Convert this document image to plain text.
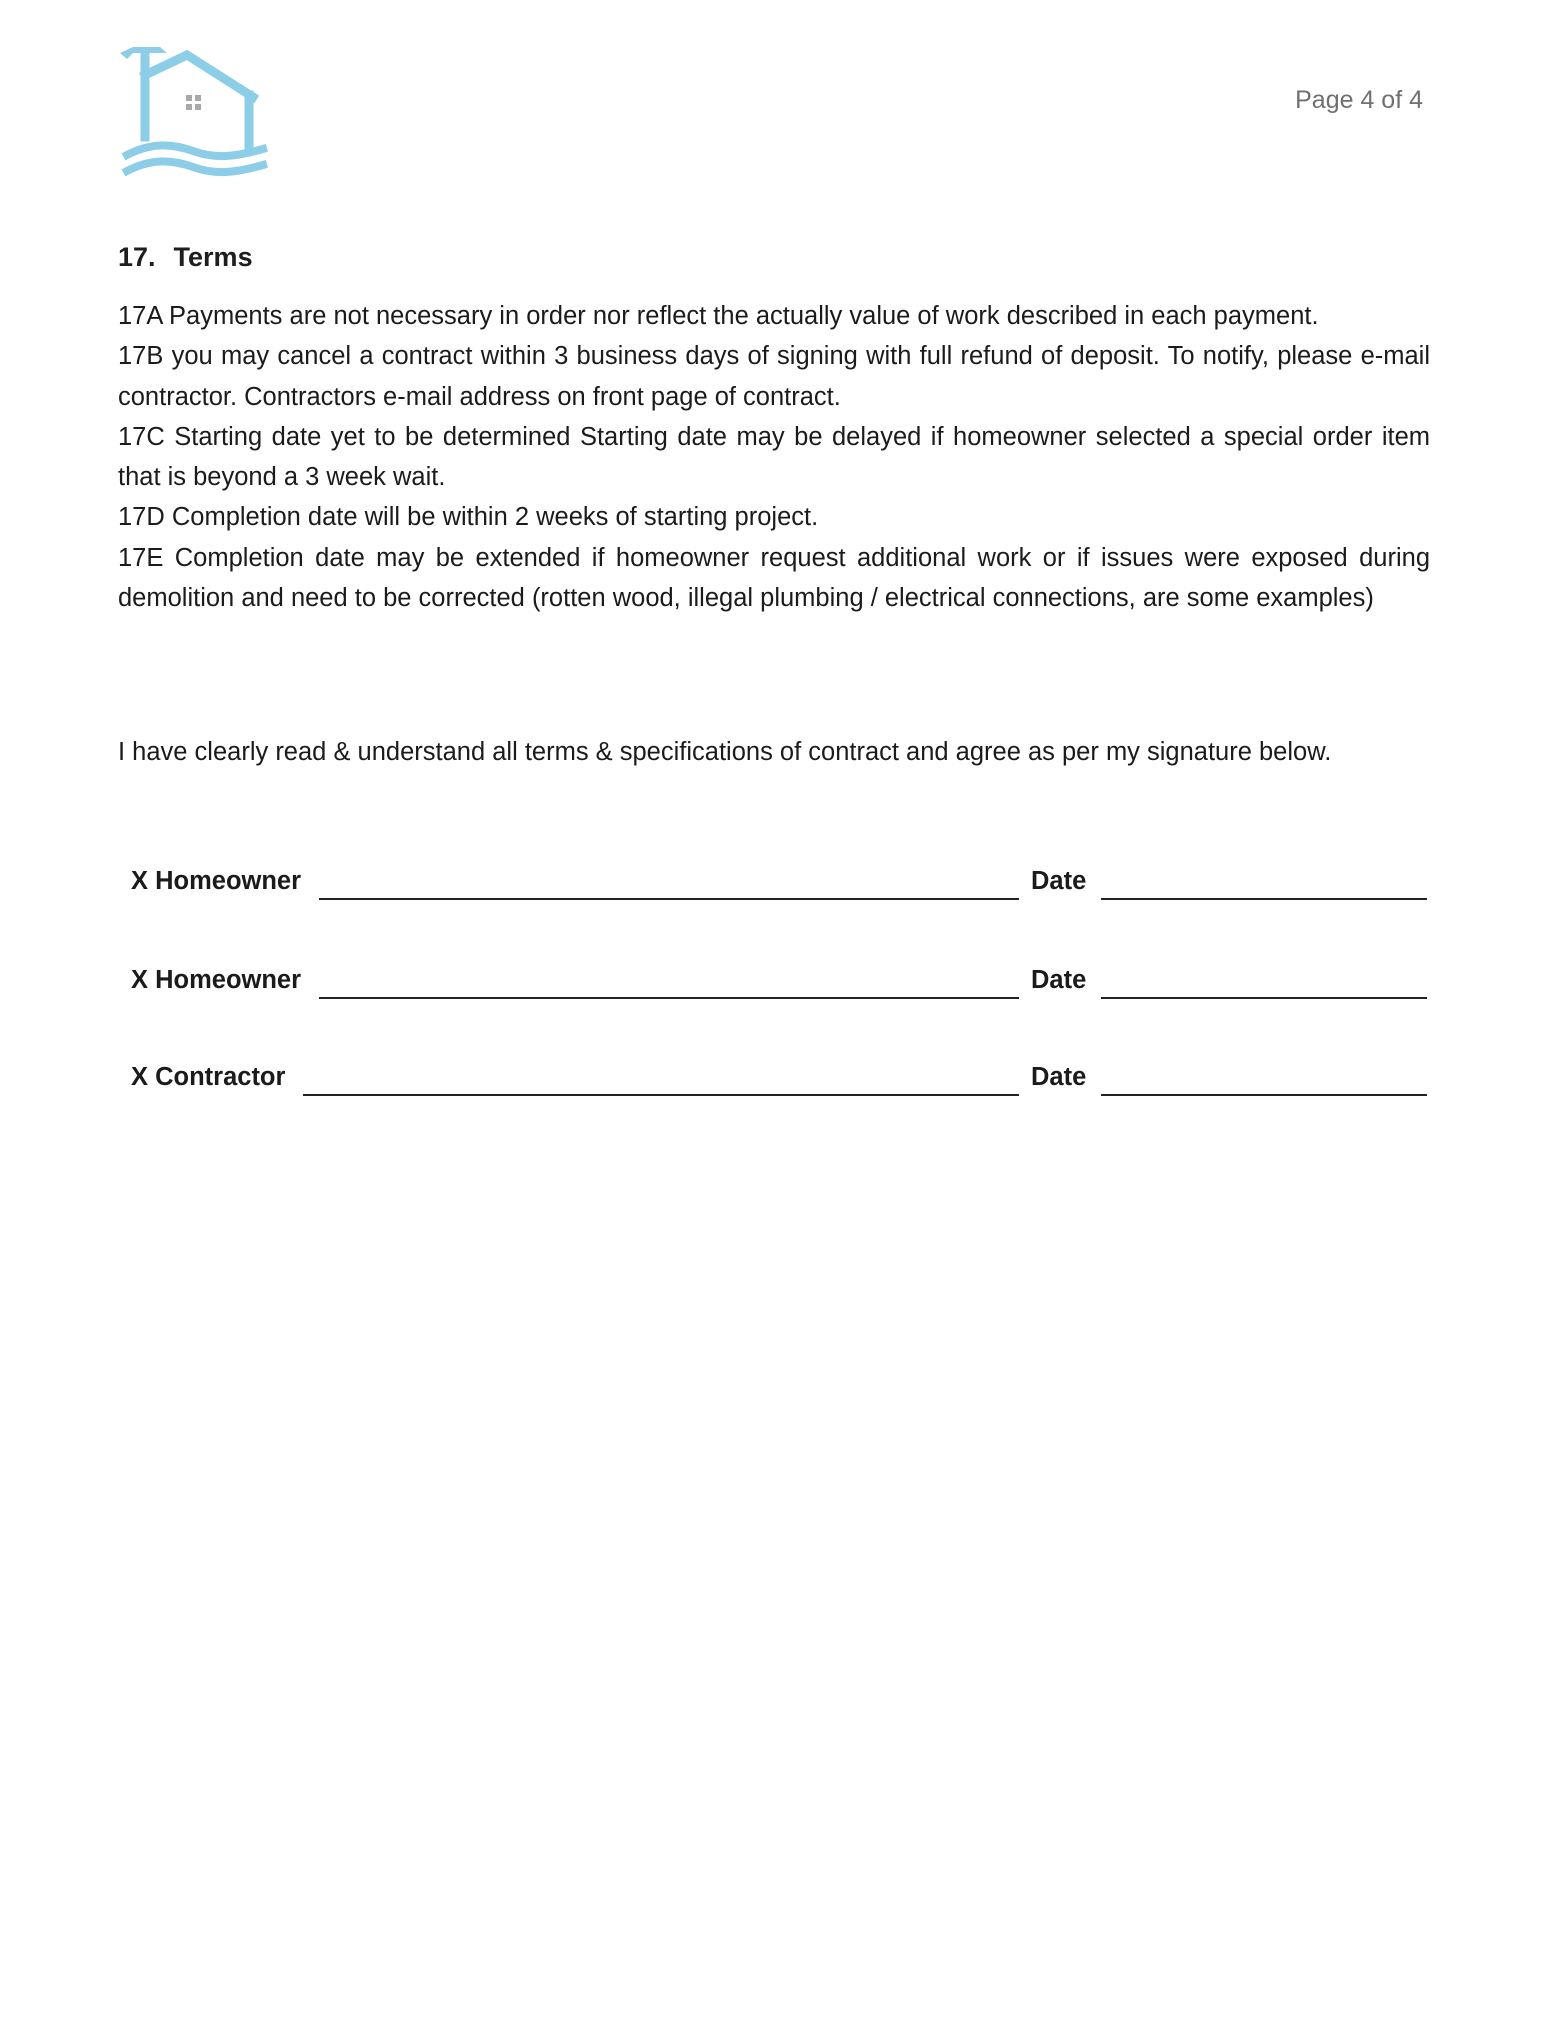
Page 4 of 4
17. Terms

17A Payments are not necessary in order nor reflect the actually value of work described in each payment.

17B you may cancel a contract within 3 business days of signing with full refund of deposit. To notify, please e-mail contractor. Contractors e-mail address on front page of contract.

17C Starting date yet to be determined Starting date may be delayed if homeowner selected a special order item that is beyond a 3 week wait.

17D Completion date will be within 2 weeks of starting project.

17E Completion date may be extended if homeowner request additional work or if issues were exposed during demolition and need to be corrected (rotten wood, illegal plumbing / electrical connections, are some examples)

I have clearly read & understand all terms & specifications of contract and agree as per my signature below.
X Homeowner	Date
X Homeowner	Date
X Contractor	Date
